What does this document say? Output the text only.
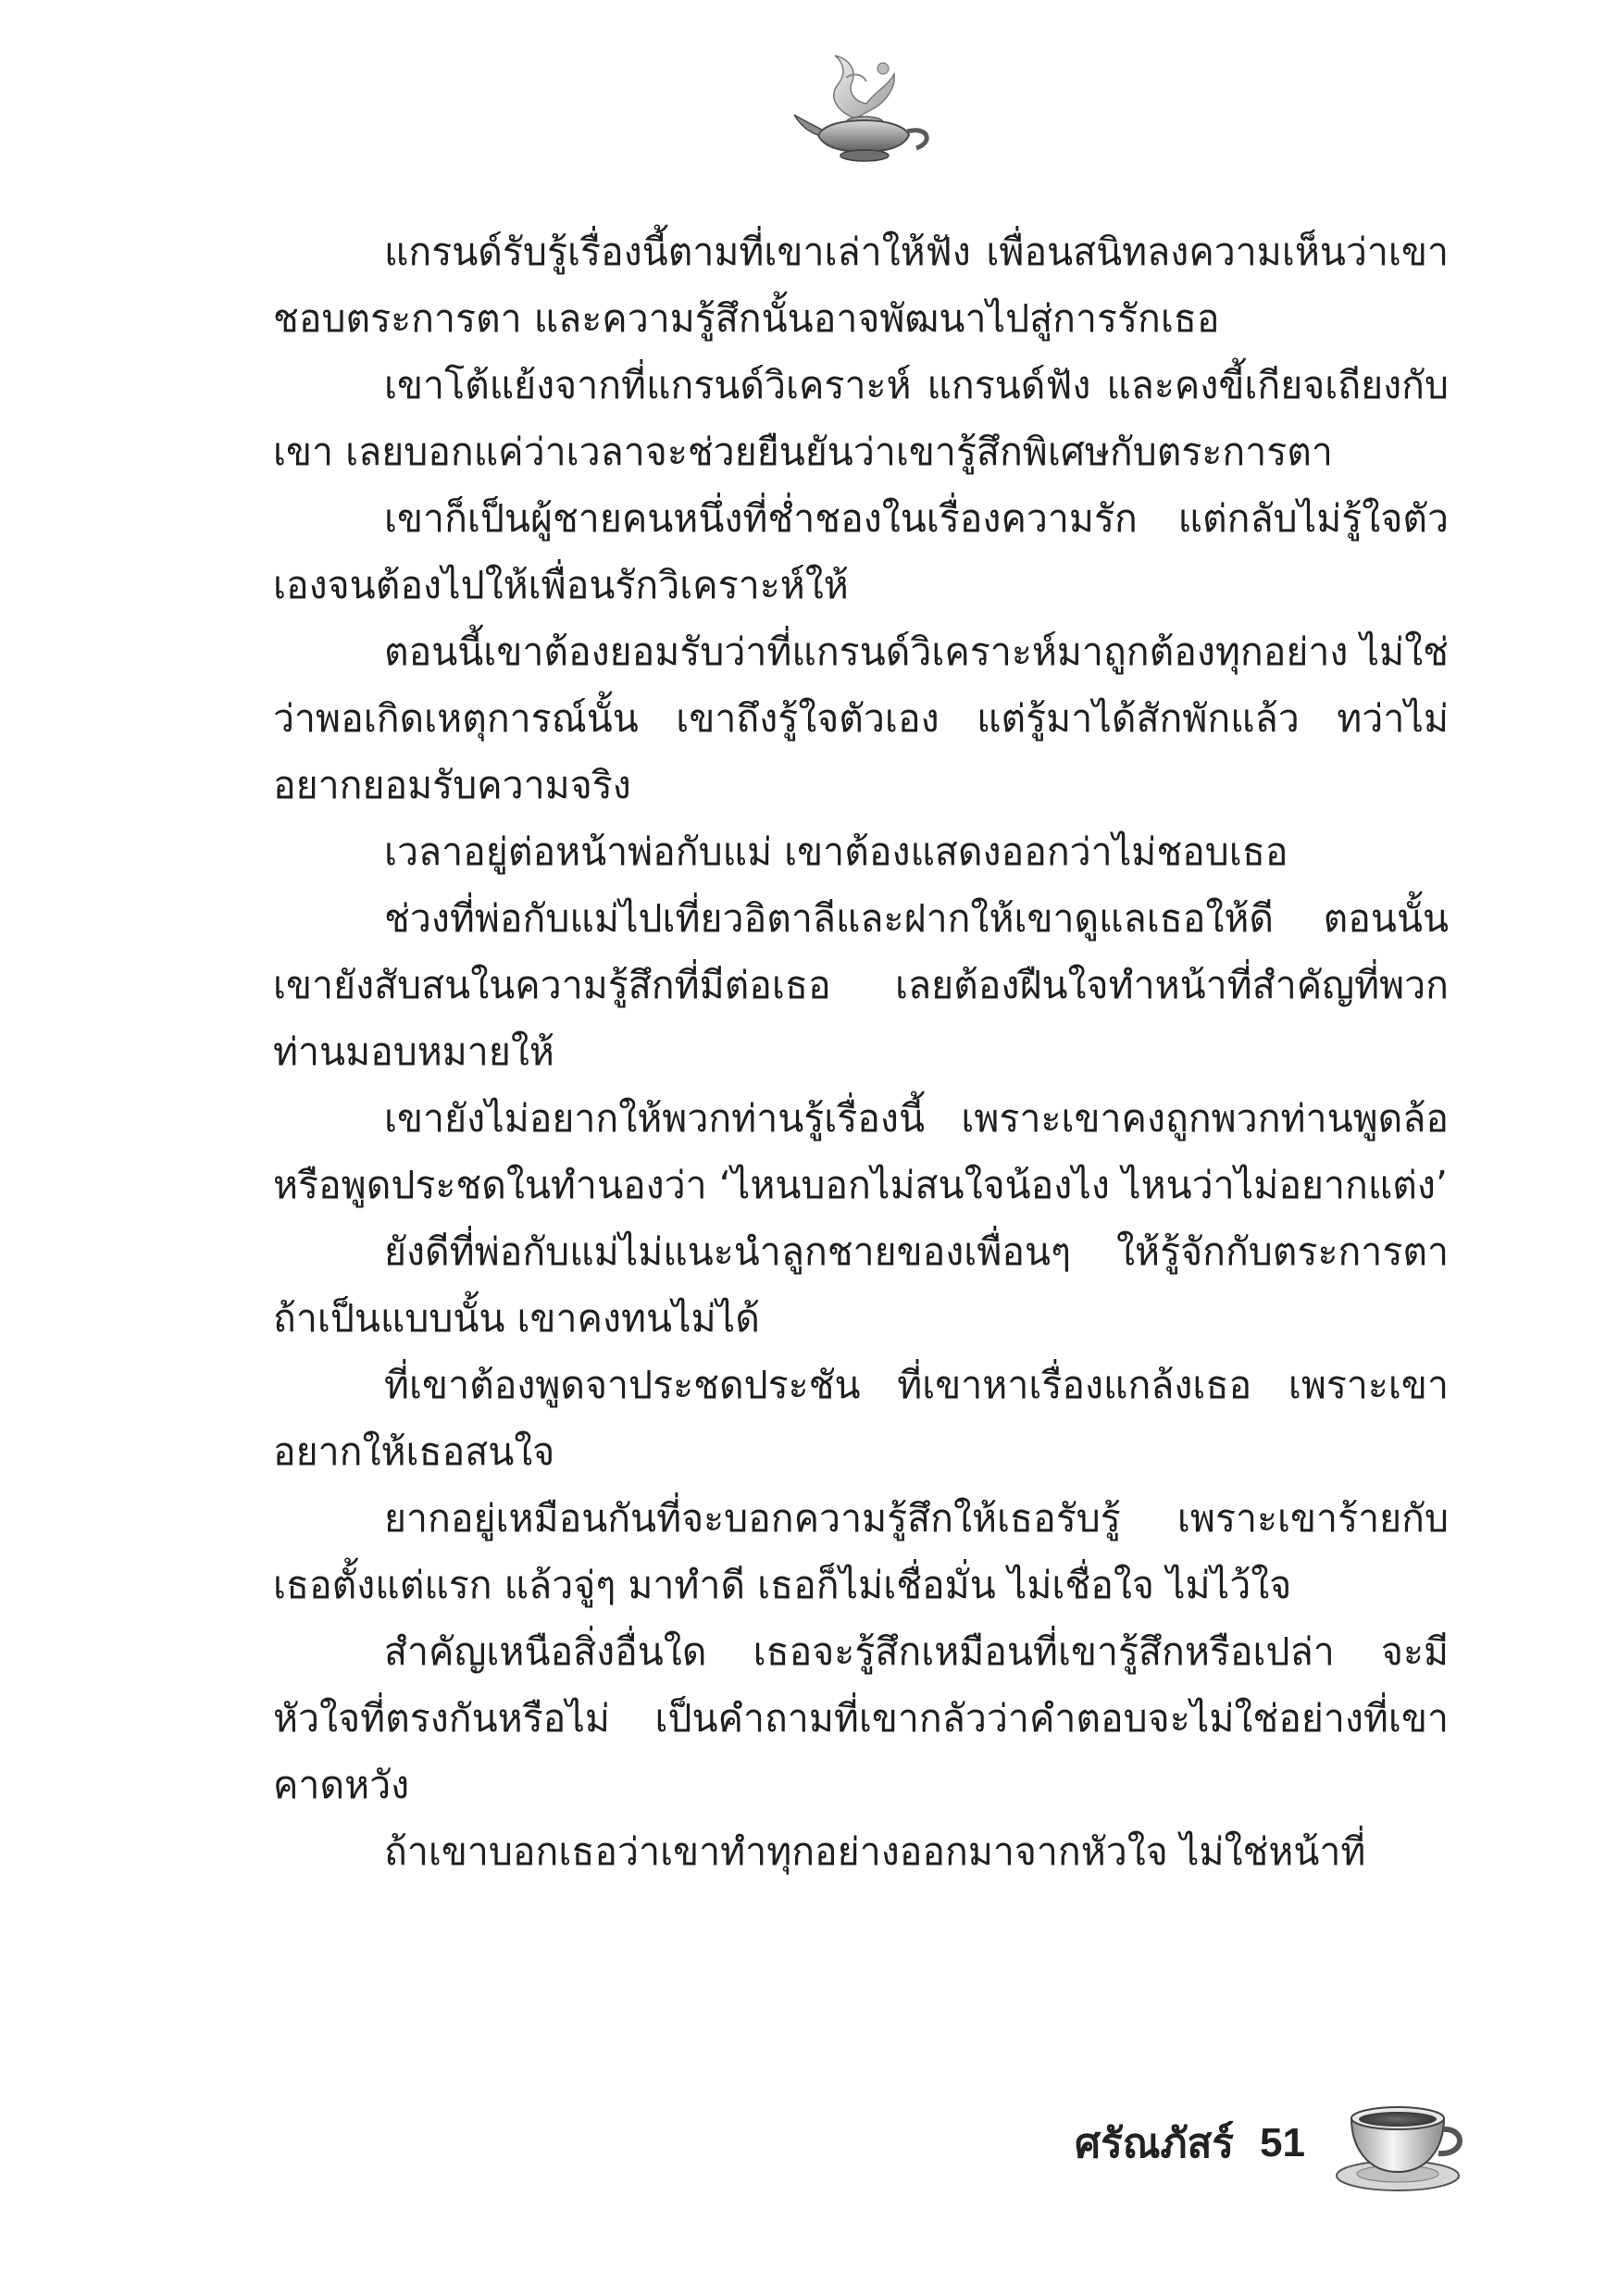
แกรนด์รับรู้เรื่องนี้ตามที่เขาเล่าให้ฟัง เพื่อนสนิทลงความเห็นว่าเขาชอบตระการตา และความรู้สึกนั้นอาจพัฒนาไปสู่การรักเธอ

เขาโต้แย้งจากที่แกรนด์วิเคราะห์ แกรนด์ฟัง และคงขี้เกียจเถียงกับเขา เลยบอกแค่ว่าเวลาจะช่วยยืนยันว่าเขารู้สึกพิเศษกับตระการตา

เขาก็เป็นผู้ชายคนหนึ่งที่ช่ำชองในเรื่องความรัก แต่กลับไม่รู้ใจตัวเองจนต้องไปให้เพื่อนรักวิเคราะห์ให้

ตอนนี้เขาต้องยอมรับว่าที่แกรนด์วิเคราะห์มาถูกต้องทุกอย่าง ไม่ใช่ว่าพอเกิดเหตุการณ์นั้น เขาถึงรู้ใจตัวเอง แต่รู้มาได้สักพักแล้ว ทว่าไม่อยากยอมรับความจริง

เวลาอยู่ต่อหน้าพ่อกับแม่ เขาต้องแสดงออกว่าไม่ชอบเธอ

ช่วงที่พ่อกับแม่ไปเที่ยวอิตาลีและฝากให้เขาดูแลเธอให้ดี ตอนนั้นเขายังสับสนในความรู้สึกที่มีต่อเธอ เลยต้องฝืนใจทำหน้าที่สำคัญที่พวกท่านมอบหมายให้

เขายังไม่อยากให้พวกท่านรู้เรื่องนี้ เพราะเขาคงถูกพวกท่านพูดล้อหรือพูดประชดในทำนองว่า ‘ไหนบอกไม่สนใจน้องไง ไหนว่าไม่อยากแต่ง’

ยังดีที่พ่อกับแม่ไม่แนะนำลูกชายของเพื่อนๆ ให้รู้จักกับตระการตา ถ้าเป็นแบบนั้น เขาคงทนไม่ได้

ที่เขาต้องพูดจาประชดประชัน ที่เขาหาเรื่องแกล้งเธอ เพราะเขาอยากให้เธอสนใจ

ยากอยู่เหมือนกันที่จะบอกความรู้สึกให้เธอรับรู้ เพราะเขาร้ายกับเธอตั้งแต่แรก แล้วจู่ๆ มาทำดี เธอก็ไม่เชื่อมั่น ไม่เชื่อใจ ไม่ไว้ใจ

สำคัญเหนือสิ่งอื่นใด เธอจะรู้สึกเหมือนที่เขารู้สึกหรือเปล่า จะมีหัวใจที่ตรงกันหรือไม่ เป็นคำถามที่เขากลัวว่าคำตอบจะไม่ใช่อย่างที่เขาคาดหวัง

ถ้าเขาบอกเธอว่าเขาทำทุกอย่างออกมาจากหัวใจ ไม่ใช่หน้าที่

ศรัณภัสร์ 51
